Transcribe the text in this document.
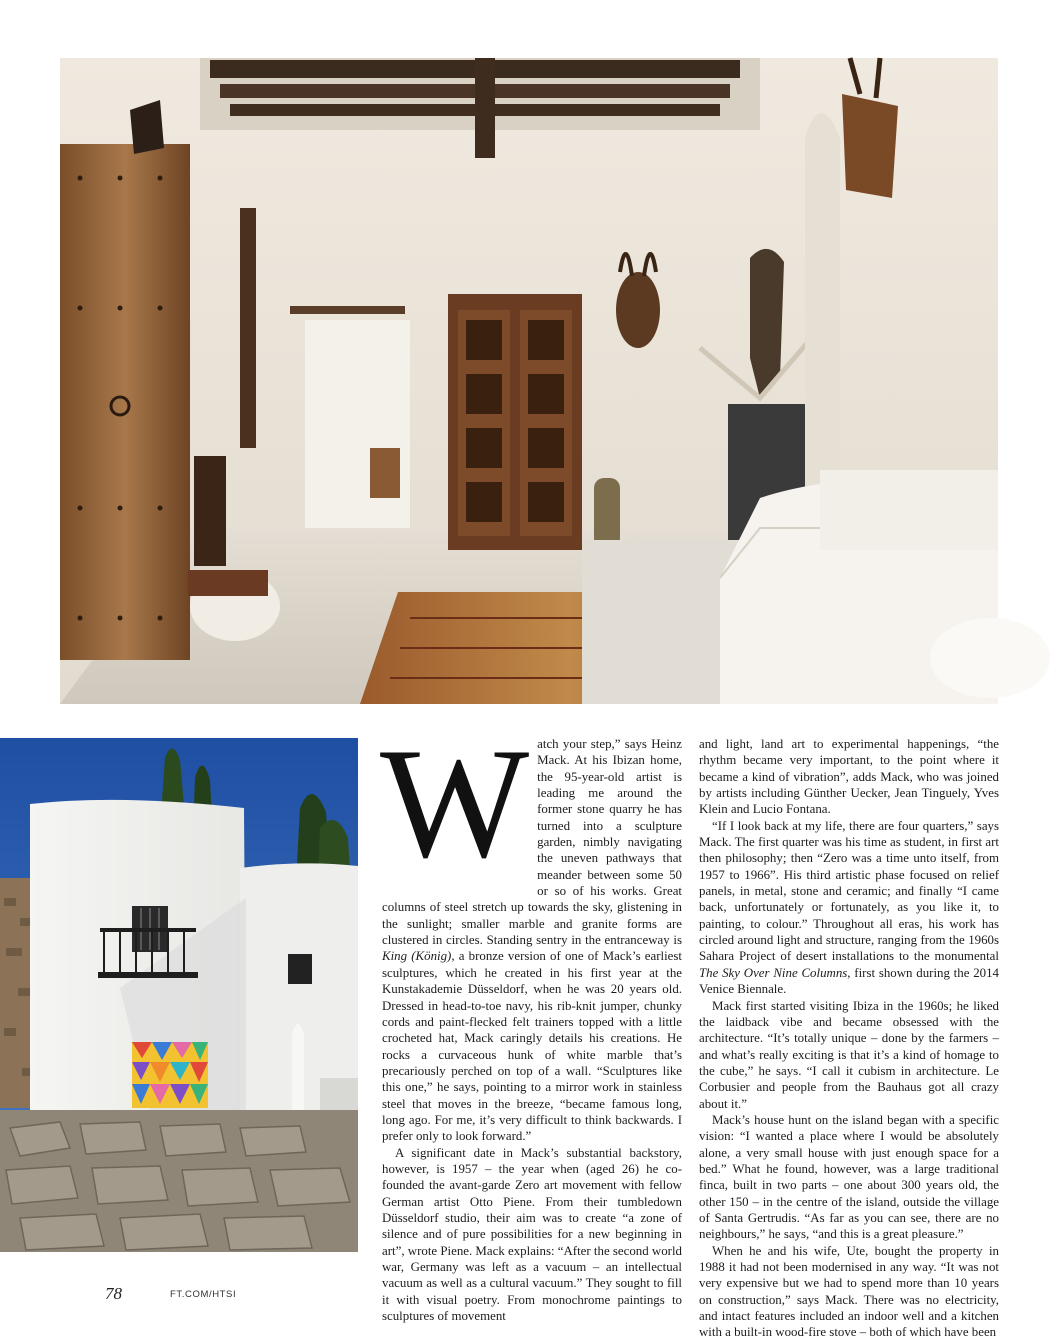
Watch your step,” says Heinz Mack. At his Ibizan home, the 95-year-old artist is leading me around the former stone quarry he has turned into a sculpture garden, nimbly navigating the uneven pathways that meander between some 50 or so of his works. Great columns of steel stretch up towards the sky, glistening in the sunlight; smaller marble and granite forms are clustered in circles. Standing sentry in the entranceway is King (König), a bronze version of one of Mack’s earliest sculptures, which he created in his first year at the Kunstakademie Düsseldorf, when he was 20 years old. Dressed in head-to-toe navy, his rib-knit jumper, chunky cords and paint-flecked felt trainers topped with a little crocheted hat, Mack caringly details his creations. He rocks a curvaceous hunk of white marble that’s precariously perched on top of a wall. “Sculptures like this one,” he says, pointing to a mirror work in stainless steel that moves in the breeze, “became famous long, long ago. For me, it’s very difficult to think backwards. I prefer only to look forward.”

A significant date in Mack’s substantial backstory, however, is 1957 – the year when (aged 26) he co-founded the avant-garde Zero art movement with fellow German artist Otto Piene. From their tumbledown Düsseldorf studio, their aim was to create “a zone of silence and of pure possibilities for a new beginning in art”, wrote Piene. Mack explains: “After the second world war, Germany was left as a vacuum – an intellectual vacuum as well as a cultural vacuum.” They sought to fill it with visual poetry. From monochrome paintings to sculptures of movement

and light, land art to experimental happenings, “the rhythm became very important, to the point where it became a kind of vibration”, adds Mack, who was joined by artists including Günther Uecker, Jean Tinguely, Yves Klein and Lucio Fontana.

“If I look back at my life, there are four quarters,” says Mack. The first quarter was his time as student, in first art then philosophy; then “Zero was a time unto itself, from 1957 to 1966”. His third artistic phase focused on relief panels, in metal, stone and ceramic; and finally “I came back, unfortunately or fortunately, as you like it, to painting, to colour.” Throughout all eras, his work has circled around light and structure, ranging from the 1960s Sahara Project of desert installations to the monumental The Sky Over Nine Columns, first shown during the 2014 Venice Biennale.

Mack first started visiting Ibiza in the 1960s; he liked the laidback vibe and became obsessed with the architecture. “It’s totally unique – done by the farmers – and what’s really exciting is that it’s a kind of homage to the cube,” he says. “I call it cubism in architecture. Le Corbusier and people from the Bauhaus got all crazy about it.”

Mack’s house hunt on the island began with a specific vision: “I wanted a place where I would be absolutely alone, a very small house with just enough space for a bed.” What he found, however, was a large traditional finca, built in two parts – one about 300 years old, the other 150 – in the centre of the island, outside the village of Santa Gertrudis. “As far as you can see, there are no neighbours,” he says, “and this is a great pleasure.”

When he and his wife, Ute, bought the property in 1988 it had not been modernised in any way. “It was not very expensive but we had to spend more than 10 years on construction,” says Mack. There was no electricity, and intact features included an indoor well and a kitchen with a built-in wood-fire stove – both of which have been

78	FT.COM/HTSI
